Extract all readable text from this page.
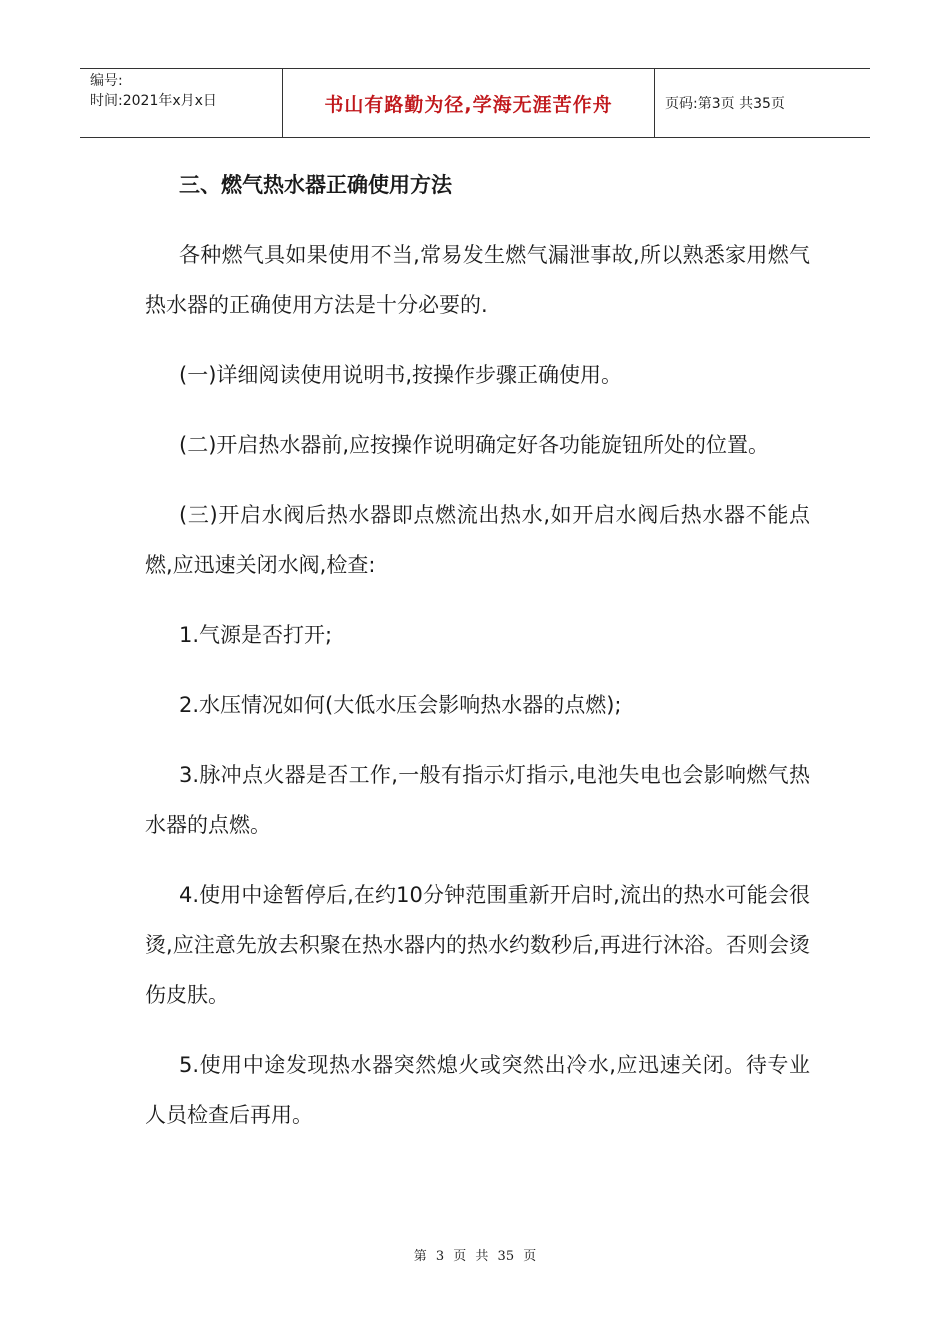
编号:
时间:2021年x月x日	书山有路勤为径,学海无涯苦作舟	页码:第3页 共35页

三、燃气热水器正确使用方法

各种燃气具如果使用不当,常易发生燃气漏泄事故,所以熟悉家用燃气热水器的正确使用方法是十分必要的.

(一)详细阅读使用说明书,按操作步骤正确使用。

(二)开启热水器前,应按操作说明确定好各功能旋钮所处的位置。

(三)开启水阀后热水器即点燃流出热水,如开启水阀后热水器不能点燃,应迅速关闭水阀,检查:

1.气源是否打开;

2.水压情况如何(大低水压会影响热水器的点燃);

3.脉冲点火器是否工作,一般有指示灯指示,电池失电也会影响燃气热水器的点燃。

4.使用中途暂停后,在约10分钟范围重新开启时,流出的热水可能会很烫,应注意先放去积聚在热水器内的热水约数秒后,再进行沐浴。否则会烫伤皮肤。

5.使用中途发现热水器突然熄火或突然出冷水,应迅速关闭。待专业人员检查后再用。

第 3 页 共 35 页
